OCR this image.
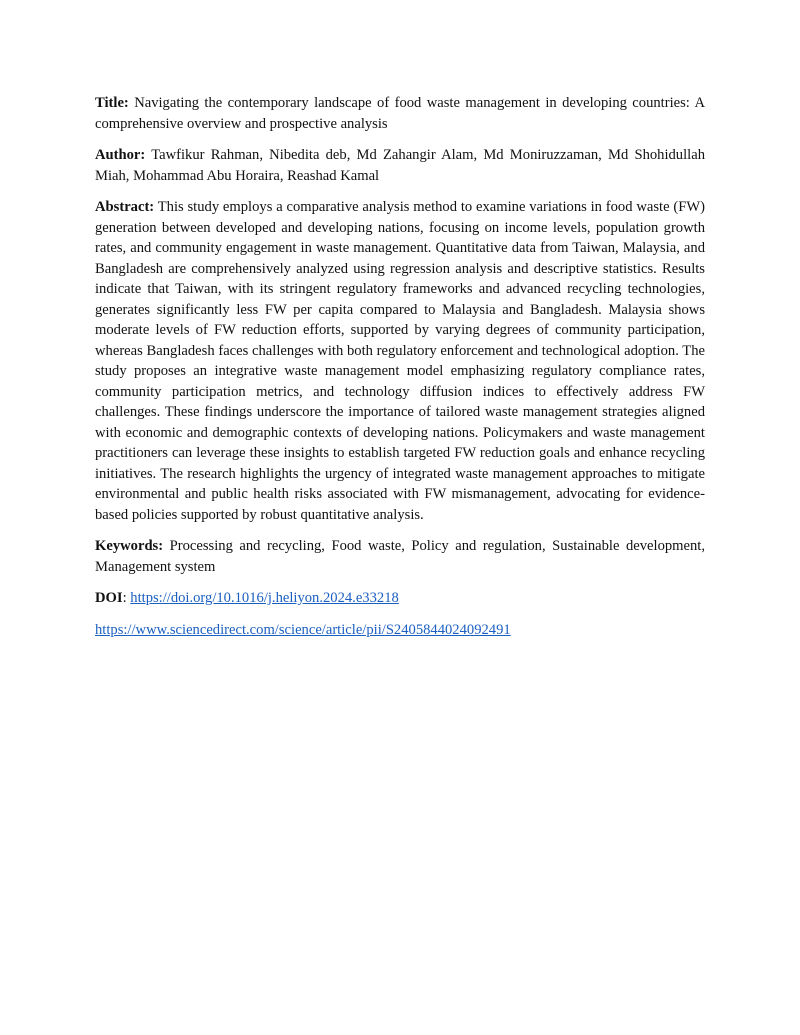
Title: Navigating the contemporary landscape of food waste management in developing countries: A comprehensive overview and prospective analysis

Author: Tawfikur Rahman, Nibedita deb, Md Zahangir Alam, Md Moniruzzaman, Md Shohidullah Miah, Mohammad Abu Horaira, Reashad Kamal

Abstract: This study employs a comparative analysis method to examine variations in food waste (FW) generation between developed and developing nations, focusing on income levels, population growth rates, and community engagement in waste management. Quantitative data from Taiwan, Malaysia, and Bangladesh are comprehensively analyzed using regression analysis and descriptive statistics. Results indicate that Taiwan, with its stringent regulatory frameworks and advanced recycling technologies, generates significantly less FW per capita compared to Malaysia and Bangladesh. Malaysia shows moderate levels of FW reduction efforts, supported by varying degrees of community participation, whereas Bangladesh faces challenges with both regulatory enforcement and technological adoption. The study proposes an integrative waste management model emphasizing regulatory compliance rates, community participation metrics, and technology diffusion indices to effectively address FW challenges. These findings underscore the importance of tailored waste management strategies aligned with economic and demographic contexts of developing nations. Policymakers and waste management practitioners can leverage these insights to establish targeted FW reduction goals and enhance recycling initiatives. The research highlights the urgency of integrated waste management approaches to mitigate environmental and public health risks associated with FW mismanagement, advocating for evidence-based policies supported by robust quantitative analysis.

Keywords: Processing and recycling, Food waste, Policy and regulation, Sustainable development, Management system

DOI: https://doi.org/10.1016/j.heliyon.2024.e33218
https://www.sciencedirect.com/science/article/pii/S2405844024092491
